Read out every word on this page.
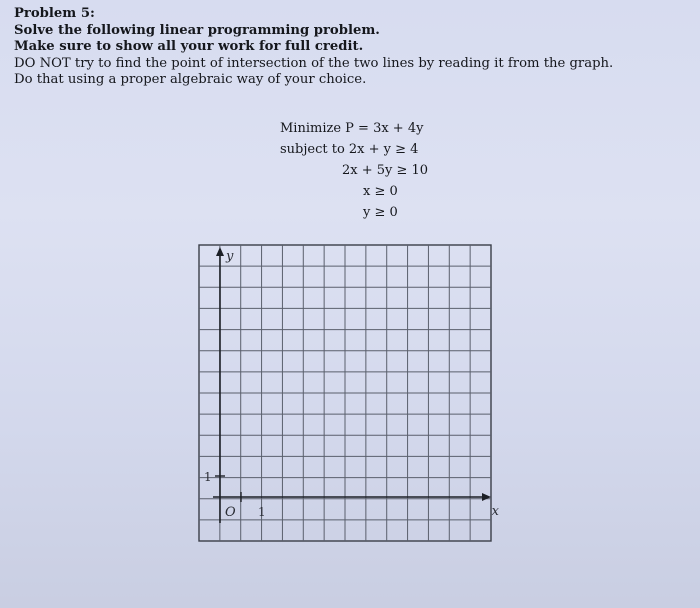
Problem 5:
Solve the following linear programming problem.
Make sure to show all your work for full credit.
DO NOT try to find the point of intersection of the two lines by reading it from the graph.
Do that using a proper algebraic way of your choice.
Minimize P = 3x + 4y
subject to 2x + y ≥ 4
2x + 5y ≥ 10
x ≥ 0
y ≥ 0
y
x
1
O 1
